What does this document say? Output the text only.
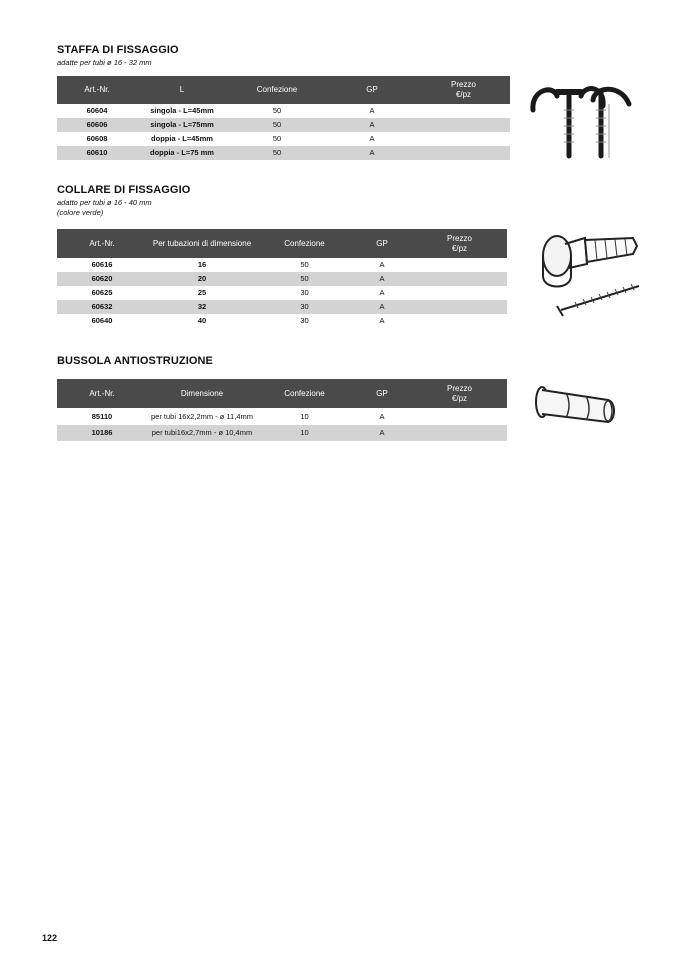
STAFFA DI FISSAGGIO

adatte per tubi ø 16 - 32 mm

Art.-Nr.	L	Confezione	GP	Prezzo
€/pz
60604	singola - L=45mm	50	A	
60606	singola - L=75mm	50	A	
60608	doppia - L=45mm	50	A	
60610	doppia - L=75 mm	50	A	
COLLARE DI FISSAGGIO

adatto per tubi ø 16 - 40 mm

(colore verde)

Art.-Nr.	Per tubazioni di dimensione	Confezione	GP	Prezzo
€/pz
60616	16	50	A	
60620	20	50	A	
60625	25	30	A	
60632	32	30	A	
60640	40	30	A	
BUSSOLA ANTIOSTRUZIONE
Art.-Nr.	Dimensione	Confezione	GP	Prezzo
€/pz
85110	per tubi 16x2,2mm - ø 11,4mm	10	A	
10186	per tubi16x2,7mm - ø 10,4mm	10	A	
122
